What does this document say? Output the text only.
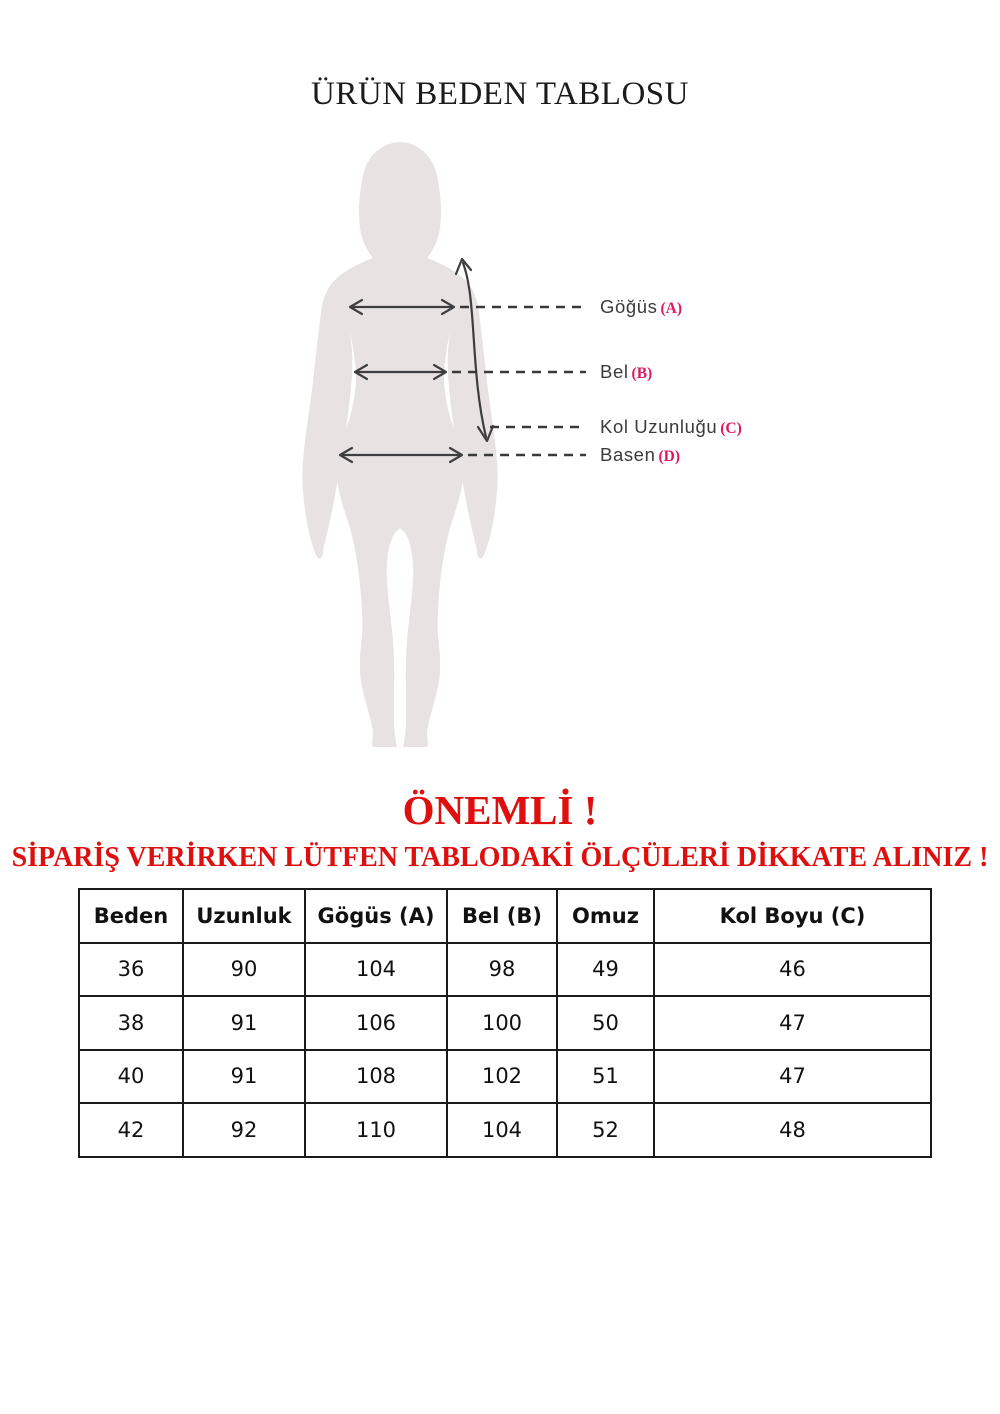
ÜRÜN BEDEN TABLOSU
Göğüs (A)
Bel (B)
Kol Uzunluğu (C)
Basen (D)
ÖNEMLİ !
SİPARİŞ VERİRKEN LÜTFEN TABLODAKİ ÖLÇÜLERİ DİKKATE ALINIZ !
Beden	Uzunluk	Gögüs (A)	Bel (B)	Omuz	Kol Boyu (C)
36	90	104	98	49	46
38	91	106	100	50	47
40	91	108	102	51	47
42	92	110	104	52	48
